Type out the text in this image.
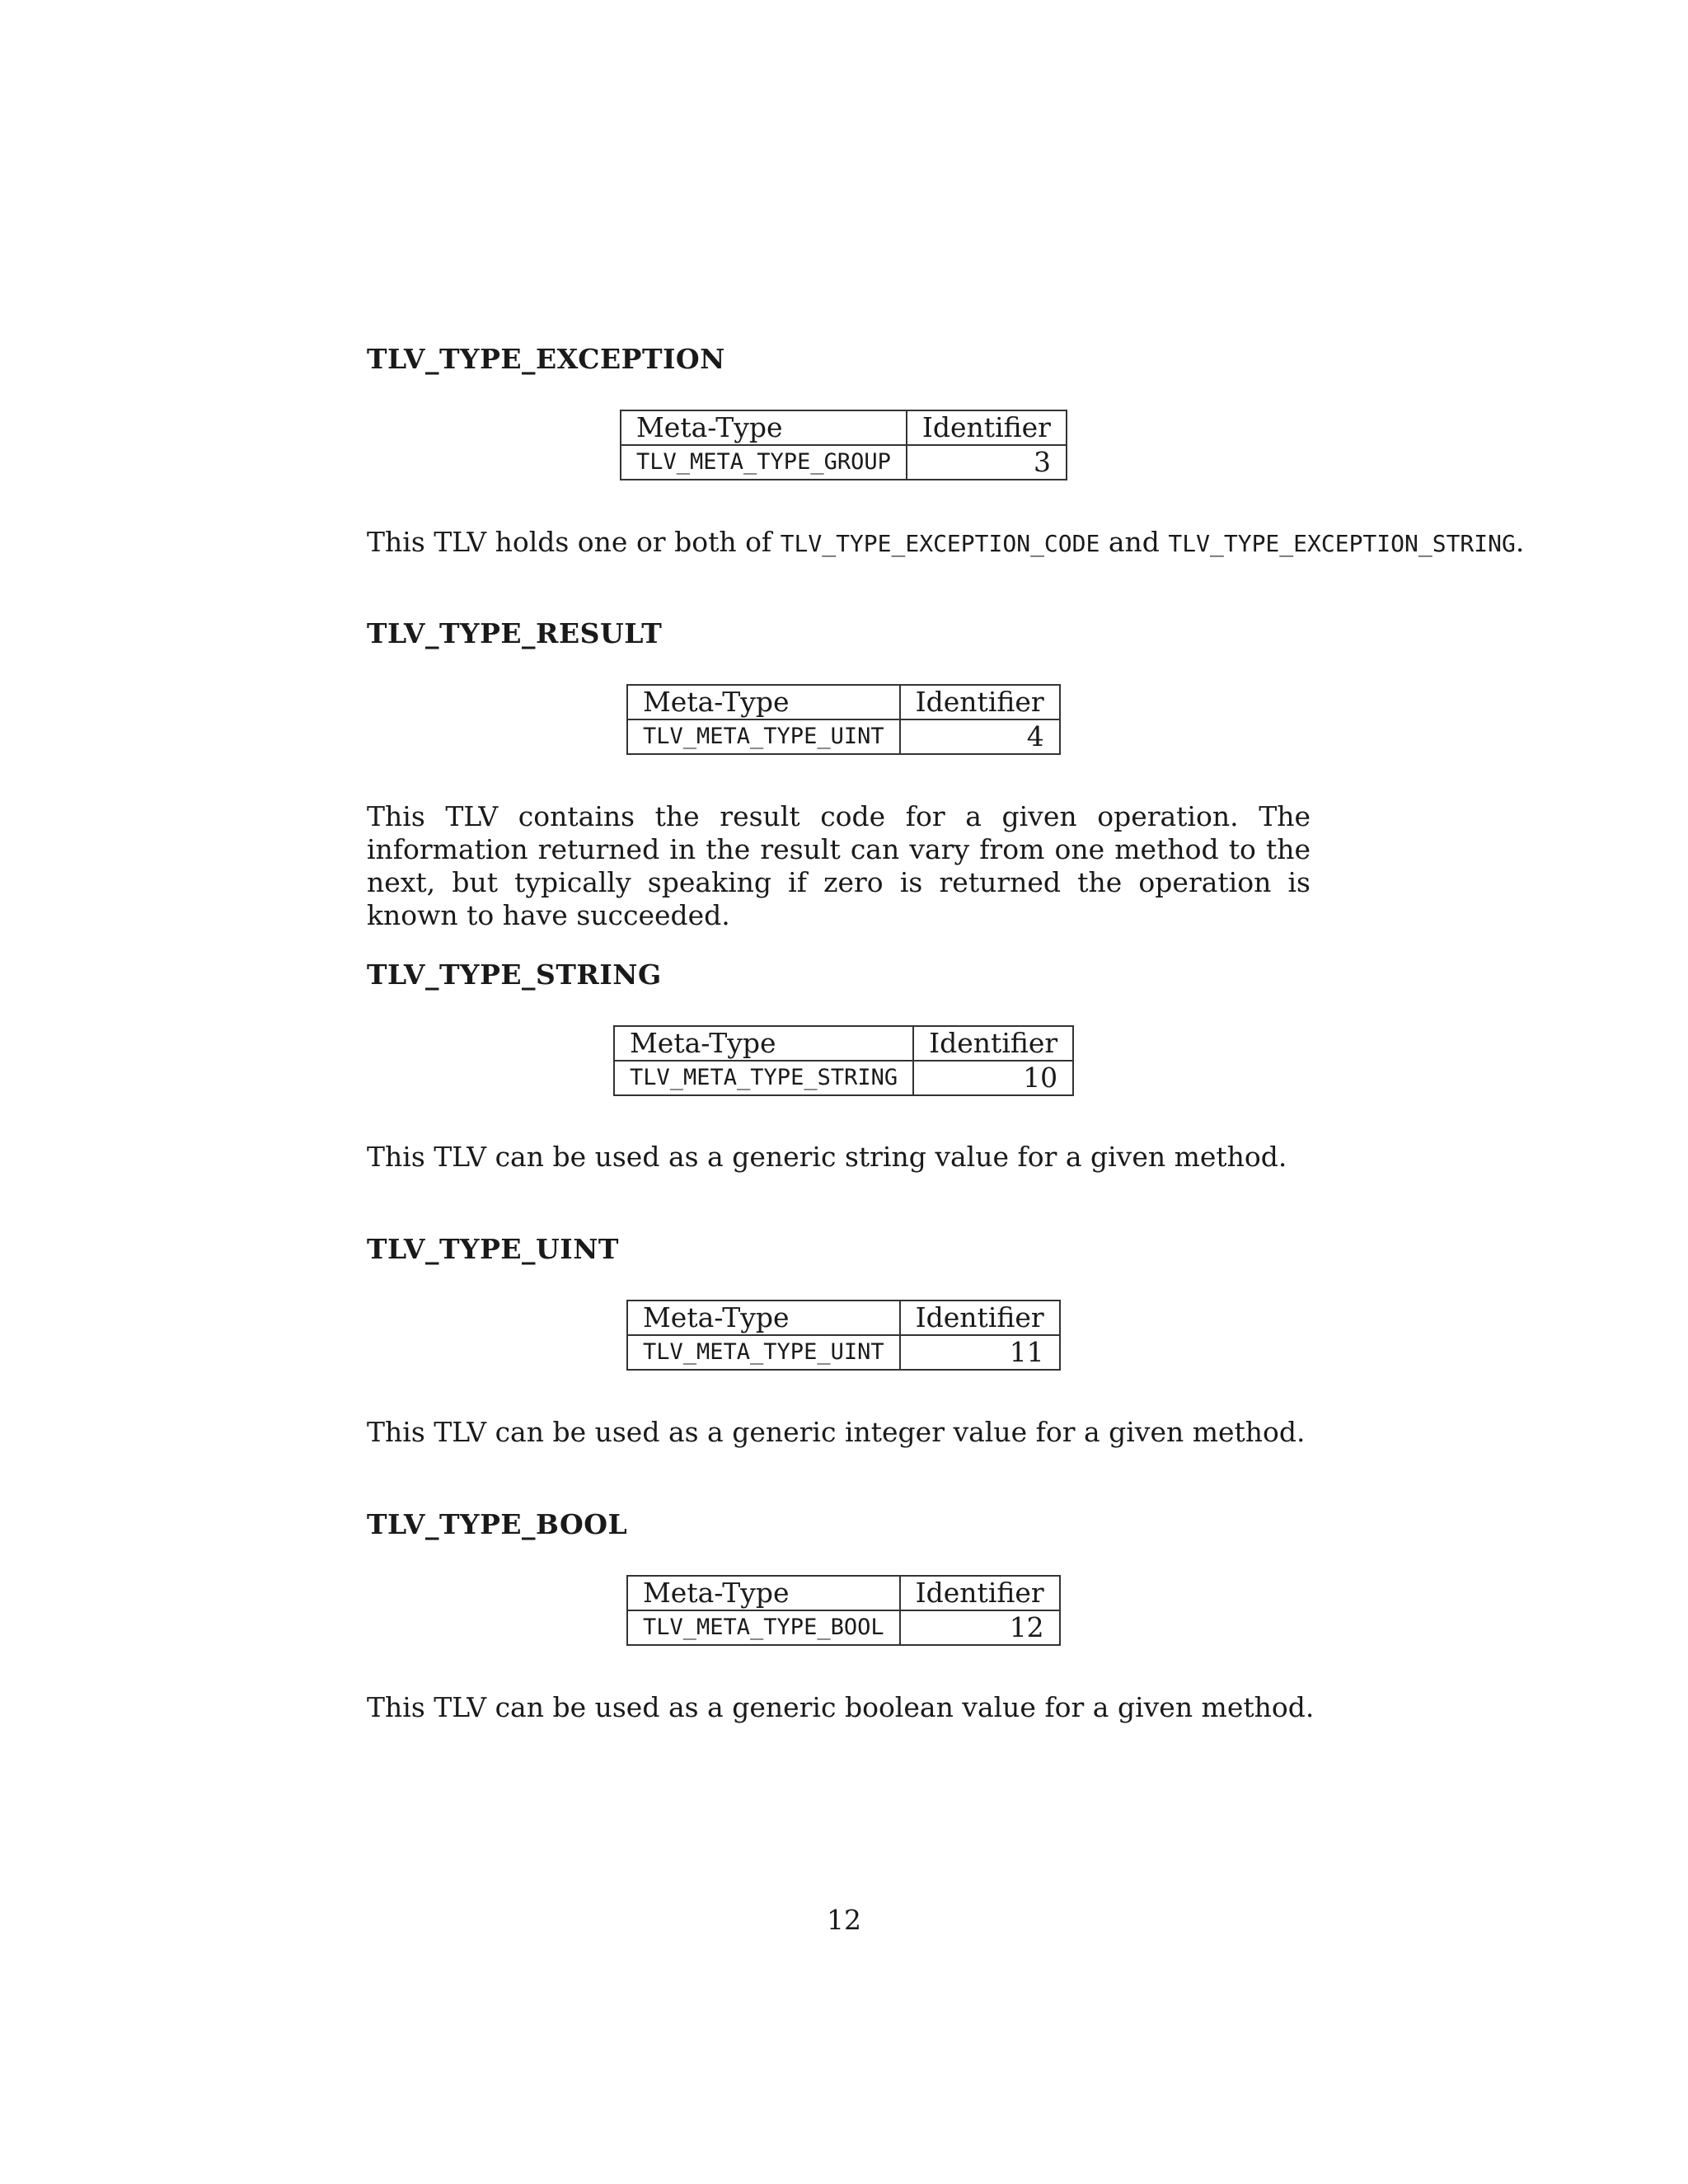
TLV_TYPE_EXCEPTION
Meta-Type	Identifier
TLV_META_TYPE_GROUP	3
This TLV holds one or both of TLV_TYPE_EXCEPTION_CODE and TLV_TYPE_EXCEPTION_STRING.
TLV_TYPE_RESULT
Meta-Type	Identifier
TLV_META_TYPE_UINT	4
This TLV contains the result code for a given operation. The information returned in the result can vary from one method to the next, but typically speaking if zero is returned the operation is known to have succeeded.
TLV_TYPE_STRING
Meta-Type	Identifier
TLV_META_TYPE_STRING	10
This TLV can be used as a generic string value for a given method.
TLV_TYPE_UINT
Meta-Type	Identifier
TLV_META_TYPE_UINT	11
This TLV can be used as a generic integer value for a given method.
TLV_TYPE_BOOL
Meta-Type	Identifier
TLV_META_TYPE_BOOL	12
This TLV can be used as a generic boolean value for a given method.
12
